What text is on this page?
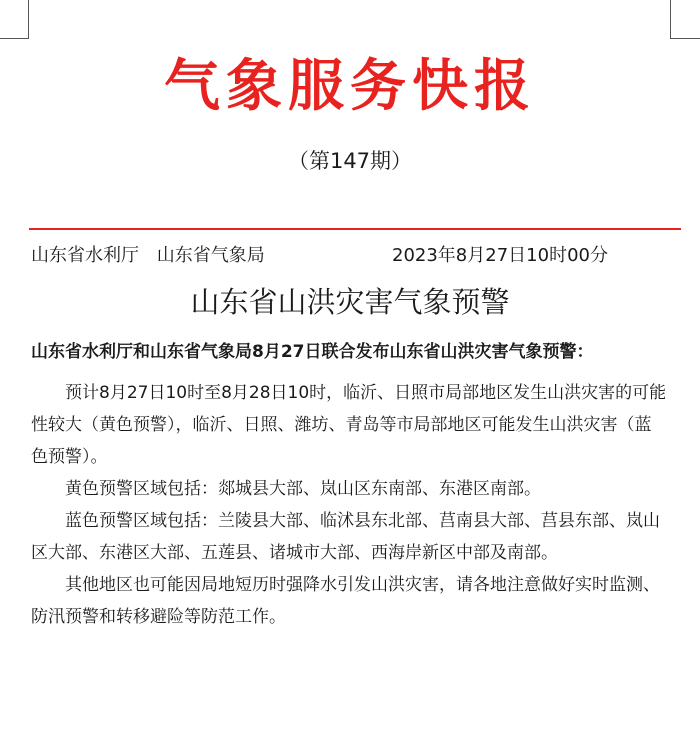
气象服务快报
（第147期）
山东省水利厅 山东省气象局	2023年8月27日10时00分
山东省山洪灾害气象预警
山东省水利厅和山东省气象局8月27日联合发布山东省山洪灾害气象预警：

预计8月27日10时至8月28日10时，临沂、日照市局部地区发生山洪灾害的可能性较大（黄色预警），临沂、日照、潍坊、青岛等市局部地区可能发生山洪灾害（蓝色预警）。

黄色预警区域包括：郯城县大部、岚山区东南部、东港区南部。

蓝色预警区域包括：兰陵县大部、临沭县东北部、莒南县大部、莒县东部、岚山区大部、东港区大部、五莲县、诸城市大部、西海岸新区中部及南部。

其他地区也可能因局地短历时强降水引发山洪灾害，请各地注意做好实时监测、防汛预警和转移避险等防范工作。
